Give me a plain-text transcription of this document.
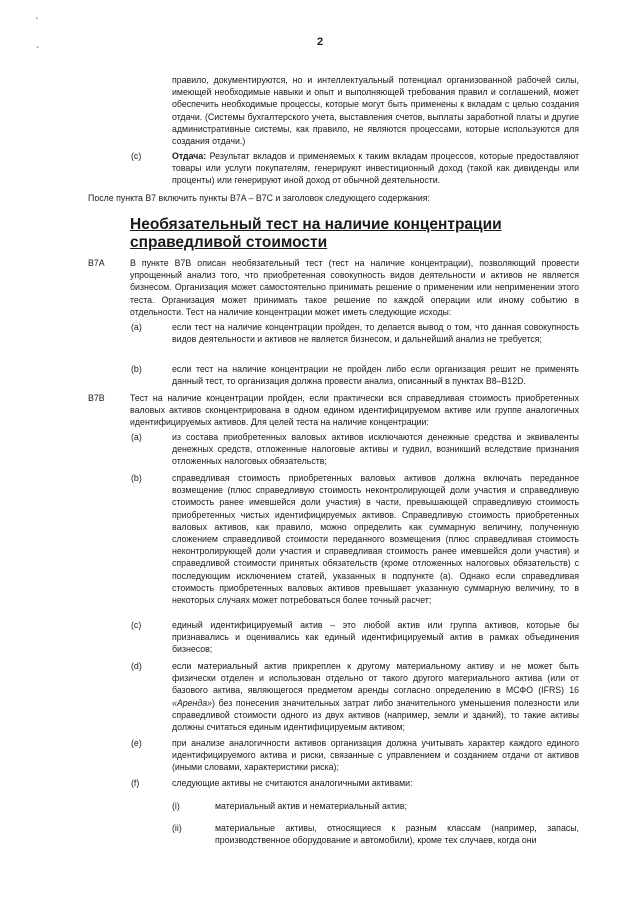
'
-	2
правило, документируются, но и интеллектуальный потенциал организованной рабочей силы, имеющей необходимые навыки и опыт и выполняющей требования правил и соглашений, может обеспечить необходимые процессы, которые могут быть применены к вкладам с целью создания отдачи. (Системы бухгалтерского учета, выставления счетов, выплаты заработной платы и другие административные системы, как правило, не являются процессами, которые используются для создания отдачи.)
(c)	Отдача: Результат вкладов и применяемых к таким вкладам процессов, которые предоставляют товары или услуги покупателям, генерируют инвестиционный доход (такой как дивиденды или проценты) или генерируют иной доход от обычной деятельности.
После пункта B7 включить пункты B7A – B7C и заголовок следующего содержания:
Необязательный тест на наличие концентрации справедливой стоимости
B7A	В пункте B7B описан необязательный тест (тест на наличие концентрации), позволяющий провести упрощенный анализ того, что приобретенная совокупность видов деятельности и активов не является бизнесом. Организация может самостоятельно принимать решение о применении или неприменении этого теста. Организация может принимать такое решение по каждой операции или иному событию в отдельности. Тест на наличие концентрации может иметь следующие исходы:
(a)	если тест на наличие концентрации пройден, то делается вывод о том, что данная совокупность видов деятельности и активов не является бизнесом, и дальнейший анализ не требуется;
(b)	если тест на наличие концентрации не пройден либо если организация решит не применять данный тест, то организация должна провести анализ, описанный в пунктах B8–B12D.
B7B	Тест на наличие концентрации пройден, если практически вся справедливая стоимость приобретенных валовых активов сконцентрирована в одном едином идентифицируемом активе или группе аналогичных идентифицируемых активов. Для целей теста на наличие концентрации:
(a)	из состава приобретенных валовых активов исключаются денежные средства и эквиваленты денежных средств, отложенные налоговые активы и гудвил, возникший вследствие признания отложенных налоговых обязательств;
(b)	справедливая стоимость приобретенных валовых активов должна включать переданное возмещение (плюс справедливую стоимость неконтролирующей доли участия и справедливую стоимость ранее имевшейся доли участия) в части, превышающей справедливую стоимость приобретенных чистых идентифицируемых активов. Справедливую стоимость приобретенных валовых активов, как правило, можно определить как суммарную величину, полученную сложением справедливой стоимости переданного возмещения (плюс справедливая стоимость неконтролирующей доли участия и справедливая стоимость ранее имевшейся доли участия) и справедливой стоимости принятых обязательств (кроме отложенных налоговых обязательств) с последующим исключением статей, указанных в подпункте (a). Однако если справедливая стоимость приобретенных валовых активов превышает указанную суммарную величину, то в некоторых случаях может потребоваться более точный расчет;
(c)	единый идентифицируемый актив – это любой актив или группа активов, которые бы признавались и оценивались как единый идентифицируемый актив в рамках объединения бизнесов;
(d)	если материальный актив прикреплен к другому материальному активу и не может быть физически отделен и использован отдельно от такого другого материального актива (или от базового актива, являющегося предметом аренды согласно определению в МСФО (IFRS) 16 «Аренда») без понесения значительных затрат либо значительного уменьшения полезности или справедливой стоимости одного из двух активов (например, земли и зданий), то такие активы должны считаться единым идентифицируемым активом;
(e)	при анализе аналогичности активов организация должна учитывать характер каждого единого идентифицируемого актива и риски, связанные с управлением и созданием отдачи от активов (иными словами, характеристики риска);
(f)	следующие активы не считаются аналогичными активами:
(i)	материальный актив и нематериальный актив;
(ii)	материальные активы, относящиеся к разным классам (например, запасы, производственное оборудование и автомобили), кроме тех случаев, когда они
